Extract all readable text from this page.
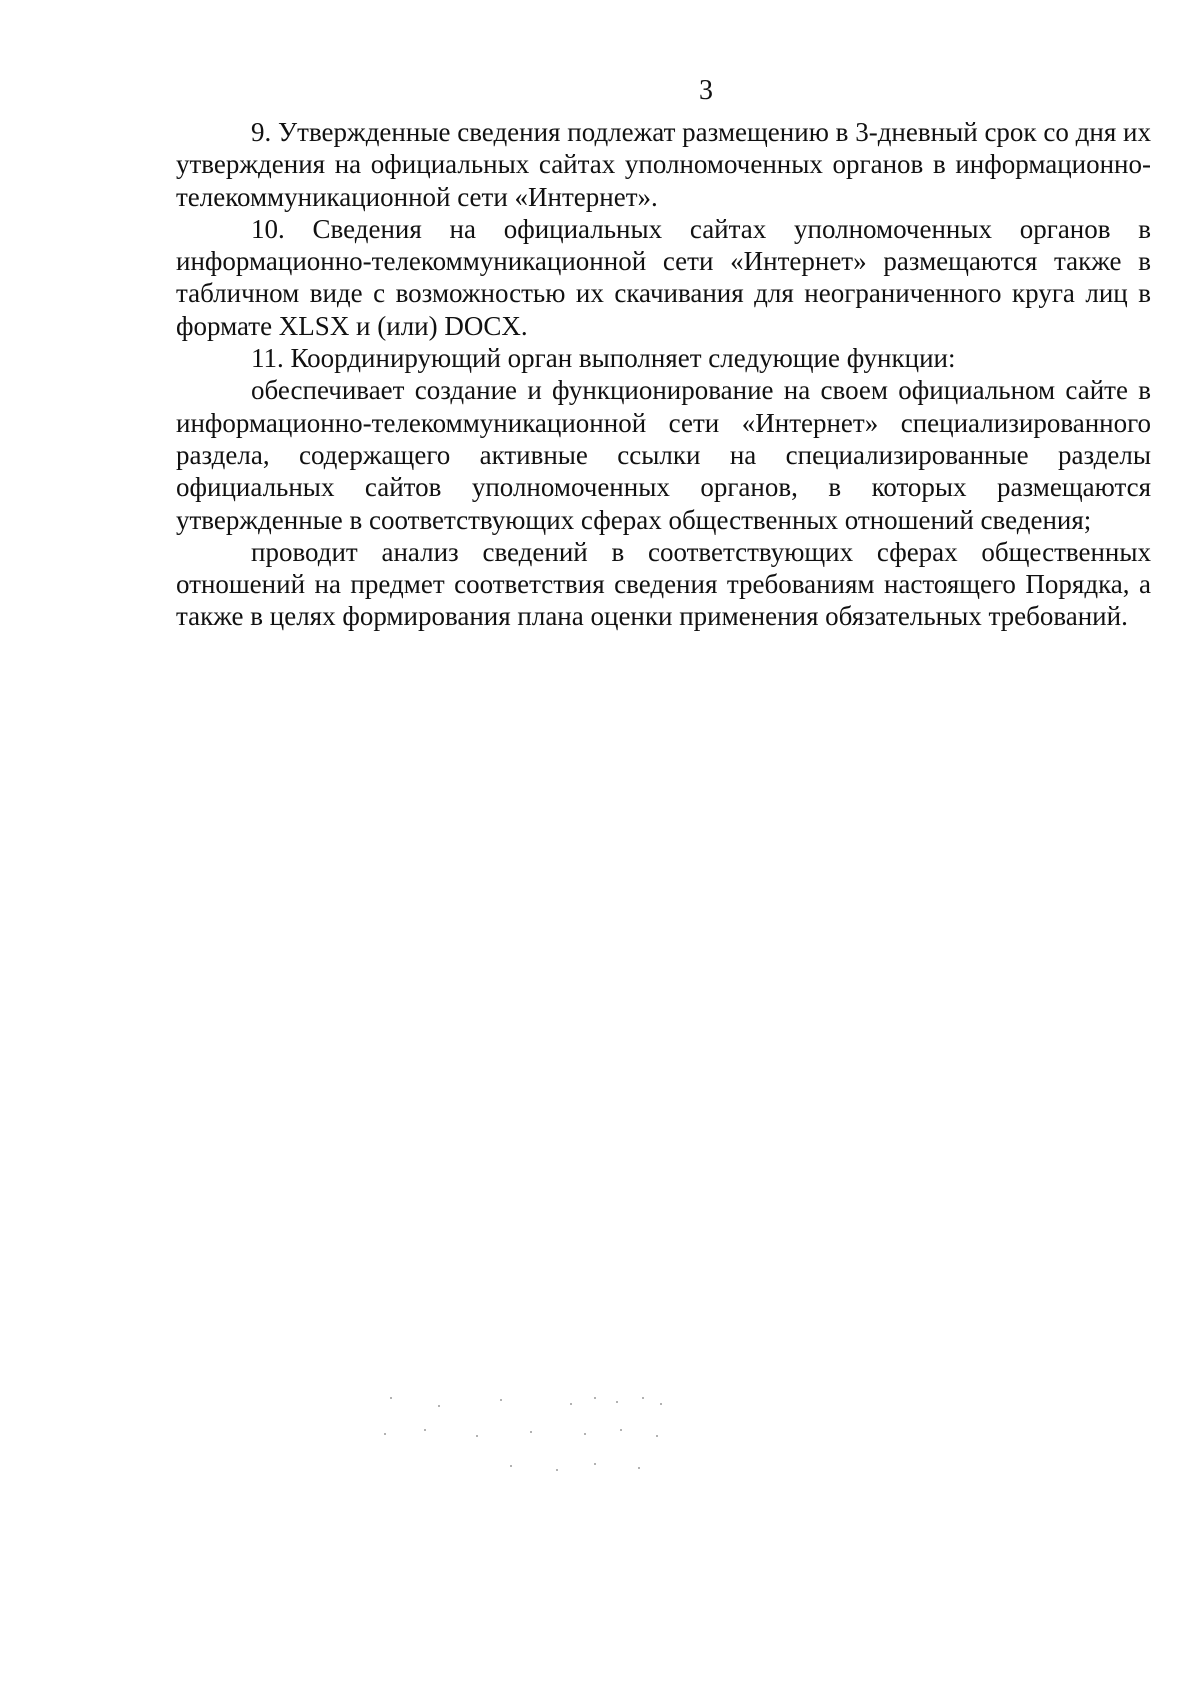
3

9. Утвержденные сведения подлежат размещению в 3-дневный срок со дня их утверждения на официальных сайтах уполномоченных органов в информационно-телекоммуникационной сети «Интернет».

10. Сведения на официальных сайтах уполномоченных органов в информационно-телекоммуникационной сети «Интернет» размещаются также в табличном виде с возможностью их скачивания для неограниченного круга лиц в формате XLSX и (или) DOCX.

11. Координирующий орган выполняет следующие функции:

обеспечивает создание и функционирование на своем официальном сайте в информационно-телекоммуникационной сети «Интернет» специализированного раздела, содержащего активные ссылки на специализированные разделы официальных сайтов уполномоченных органов, в которых размещаются утвержденные в соответствующих сферах общественных отношений сведения;

проводит анализ сведений в соответствующих сферах общественных отношений на предмет соответствия сведения требованиям настоящего Порядка, а также в целях формирования плана оценки применения обязательных требований.
